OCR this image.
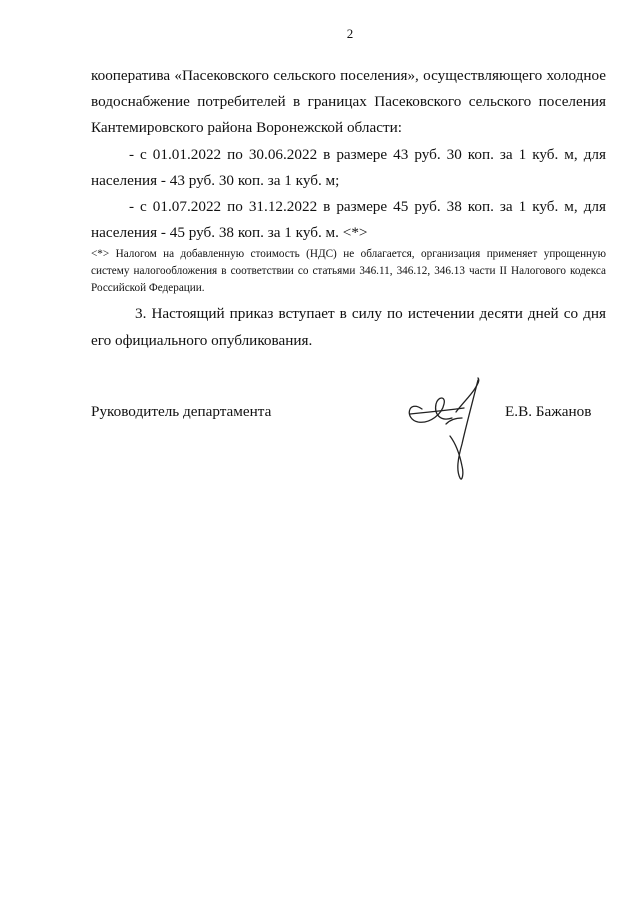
2
кооператива «Пасековского сельского поселения», осуществляющего холодное водоснабжение потребителей в границах Пасековского сельского поселения Кантемировского района Воронежской области:
- с 01.01.2022 по 30.06.2022 в размере 43 руб. 30 коп. за 1 куб. м, для населения - 43 руб. 30 коп. за 1 куб. м;
- с 01.07.2022 по 31.12.2022 в размере 45 руб. 38 коп. за 1 куб. м, для населения - 45 руб. 38 коп. за 1 куб. м. <*>
<*> Налогом на добавленную стоимость (НДС) не облагается, организация применяет упрощенную систему налогообложения в соответствии со статьями 346.11, 346.12, 346.13 части II Налогового кодекса Российской Федерации.
3. Настоящий приказ вступает в силу по истечении десяти дней со дня его официального опубликования.
Руководитель департамента	Е.В. Бажанов
